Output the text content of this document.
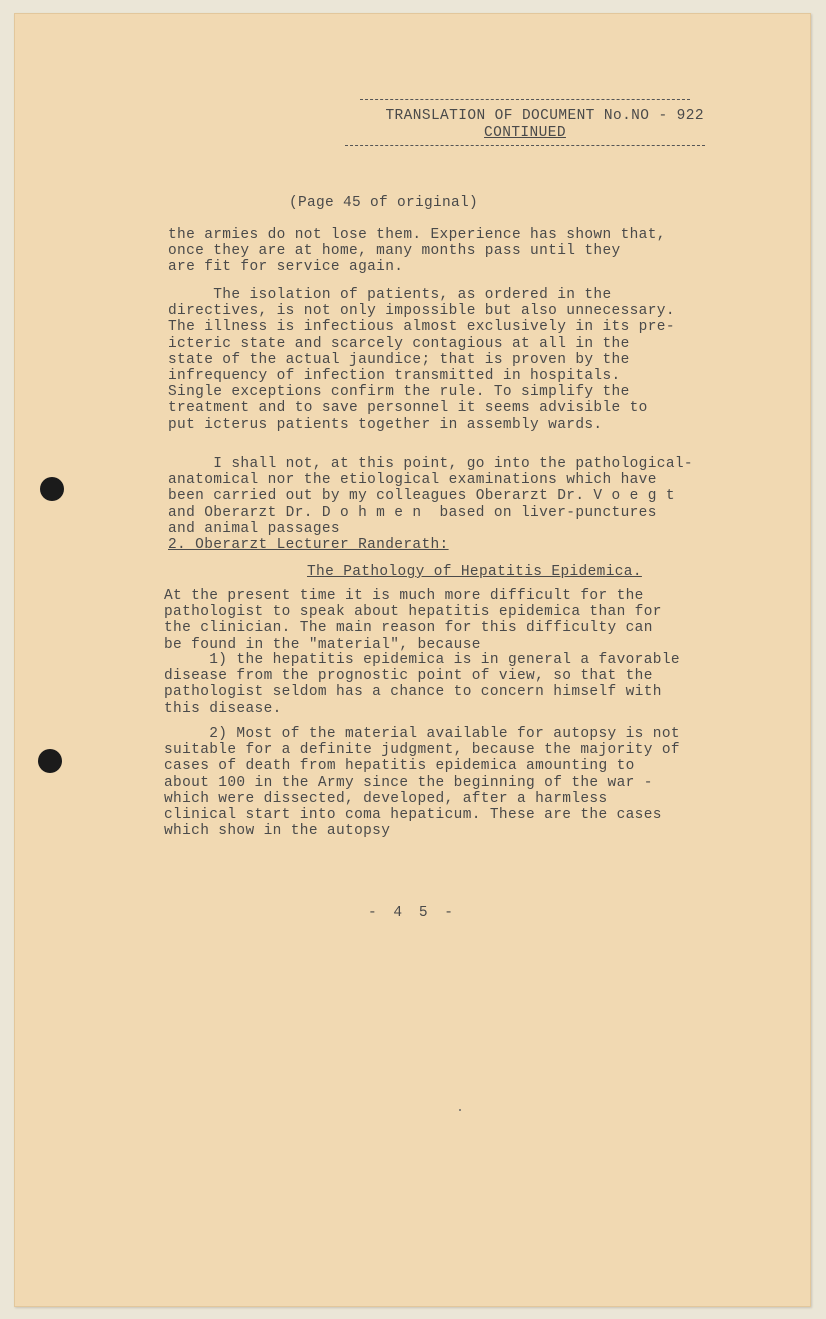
TRANSLATION OF DOCUMENT No.NO - 922
CONTINUED
(Page 45 of original)

the armies do not lose them. Experience has shown that,
once they are at home, many months pass until they
are fit for service again.

The isolation of patients, as ordered in the
directives, is not only impossible but also unnecessary.
The illness is infectious almost exclusively in its pre-
icteric state and scarcely contagious at all in the
state of the actual jaundice; that is proven by the
infrequency of infection transmitted in hospitals.
Single exceptions confirm the rule. To simplify the
treatment and to save personnel it seems advisible to
put icterus patients together in assembly wards.

I shall not, at this point, go into the pathological-
anatomical nor the etiological examinations which have
been carried out by my colleagues Oberarzt Dr. V o e g t
and Oberarzt Dr. D o h m e n  based on liver-punctures
and animal passages

2. Oberarzt Lecturer Randerath:
The Pathology of Hepatitis Epidemica.

At the present time it is much more difficult for the
pathologist to speak about hepatitis epidemica than for
the clinician. The main reason for this difficulty can
be found in the "material", because

1) the hepatitis epidemica is in general a favorable
disease from the prognostic point of view, so that the
pathologist seldom has a chance to concern himself with
this disease.

2) Most of the material available for autopsy is not
suitable for a definite judgment, because the majority of
cases of death from hepatitis epidemica amounting to
about 100 in the Army since the beginning of the war -
which were dissected, developed, after a harmless
clinical start into coma hepaticum. These are the cases
which show in the autopsy

- 4 5 -
